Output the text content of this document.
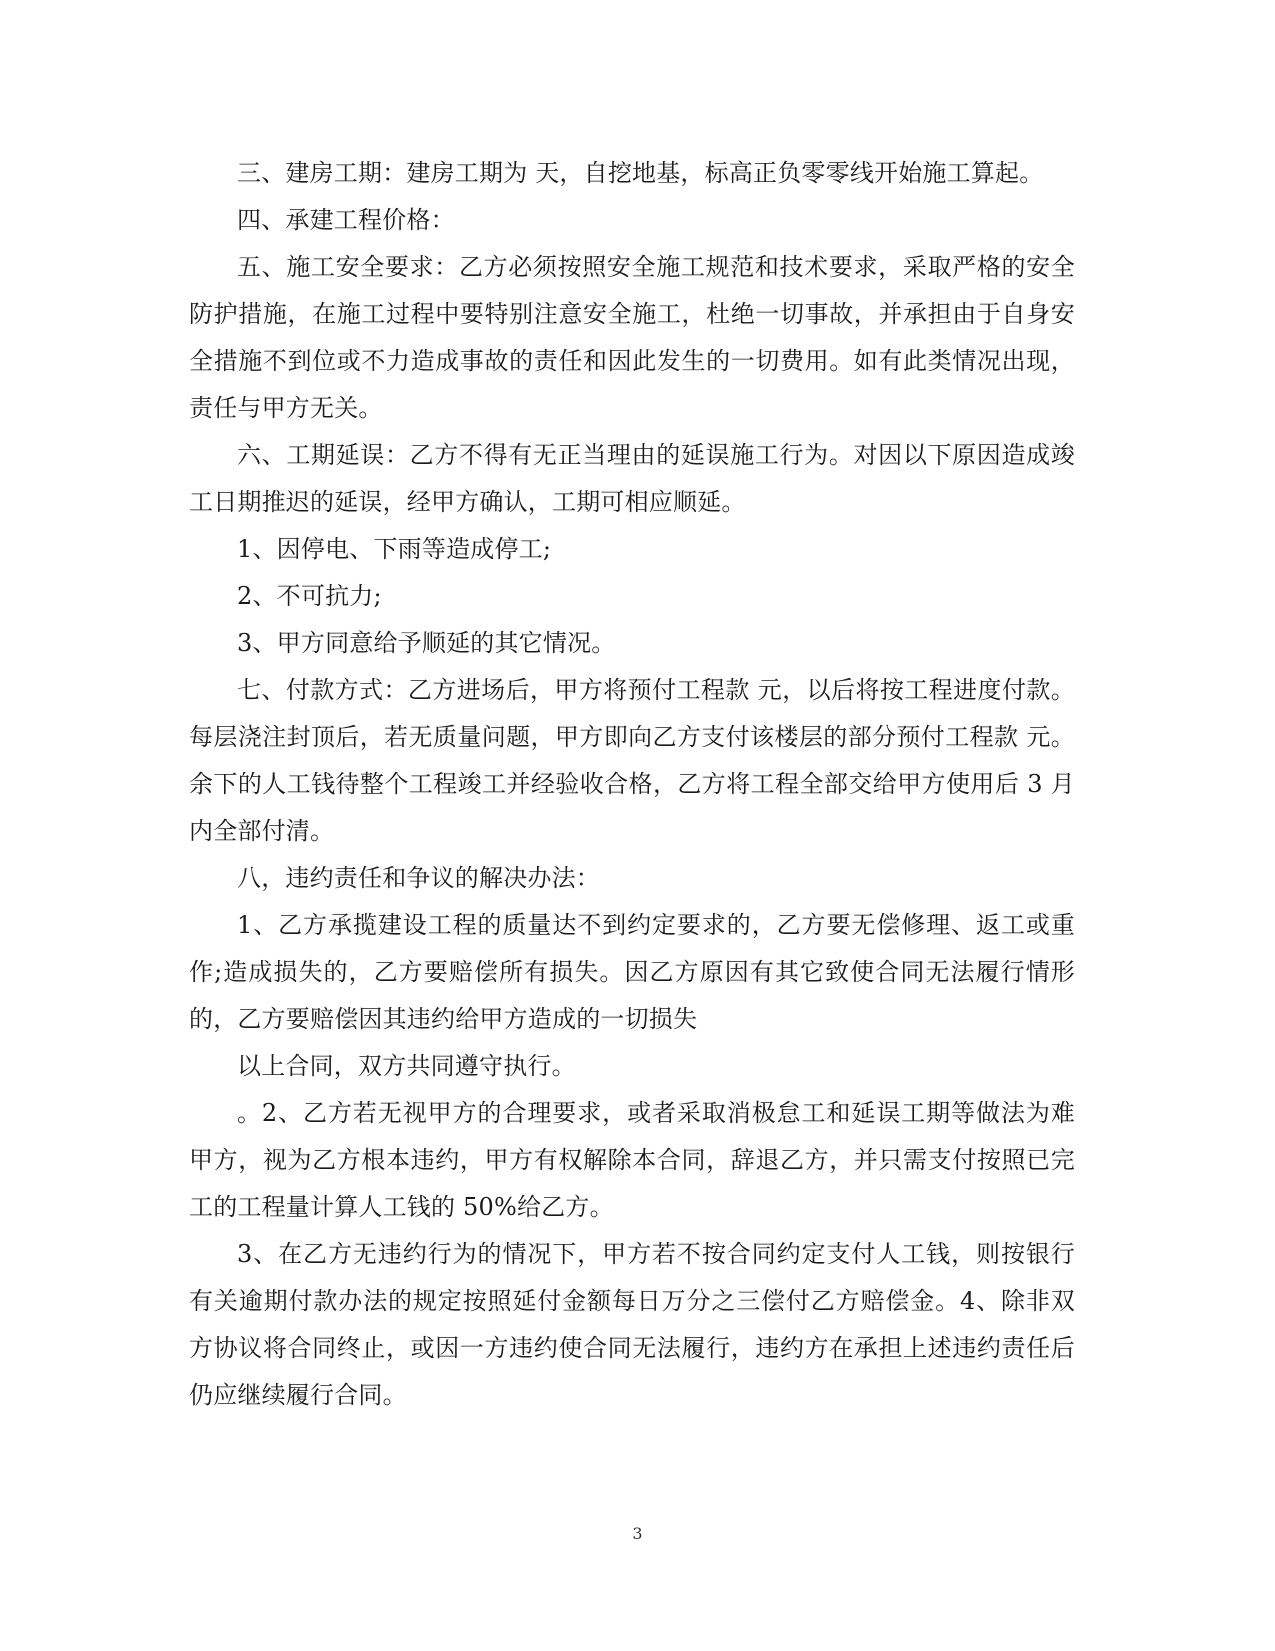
三、建房工期：建房工期为 天，自挖地基，标高正负零零线开始施工算起。

四、承建工程价格：

五、施工安全要求：乙方必须按照安全施工规范和技术要求，采取严格的安全防护措施，在施工过程中要特别注意安全施工，杜绝一切事故，并承担由于自身安全措施不到位或不力造成事故的责任和因此发生的一切费用。如有此类情况出现，责任与甲方无关。

六、工期延误：乙方不得有无正当理由的延误施工行为。对因以下原因造成竣工日期推迟的延误，经甲方确认，工期可相应顺延。

1、因停电、下雨等造成停工;

2、不可抗力;

3、甲方同意给予顺延的其它情况。

七、付款方式：乙方进场后，甲方将预付工程款 元，以后将按工程进度付款。每层浇注封顶后，若无质量问题，甲方即向乙方支付该楼层的部分预付工程款 元。余下的人工钱待整个工程竣工并经验收合格，乙方将工程全部交给甲方使用后 3 月内全部付清。

八，违约责任和争议的解决办法：

1、乙方承揽建设工程的质量达不到约定要求的，乙方要无偿修理、返工或重作;造成损失的，乙方要赔偿所有损失。因乙方原因有其它致使合同无法履行情形的，乙方要赔偿因其违约给甲方造成的一切损失

以上合同，双方共同遵守执行。

。2、乙方若无视甲方的合理要求，或者采取消极怠工和延误工期等做法为难甲方，视为乙方根本违约，甲方有权解除本合同，辞退乙方，并只需支付按照已完工的工程量计算人工钱的 50%给乙方。

3、在乙方无违约行为的情况下，甲方若不按合同约定支付人工钱，则按银行有关逾期付款办法的规定按照延付金额每日万分之三偿付乙方赔偿金。4、除非双方协议将合同终止，或因一方违约使合同无法履行，违约方在承担上述违约责任后仍应继续履行合同。

3
